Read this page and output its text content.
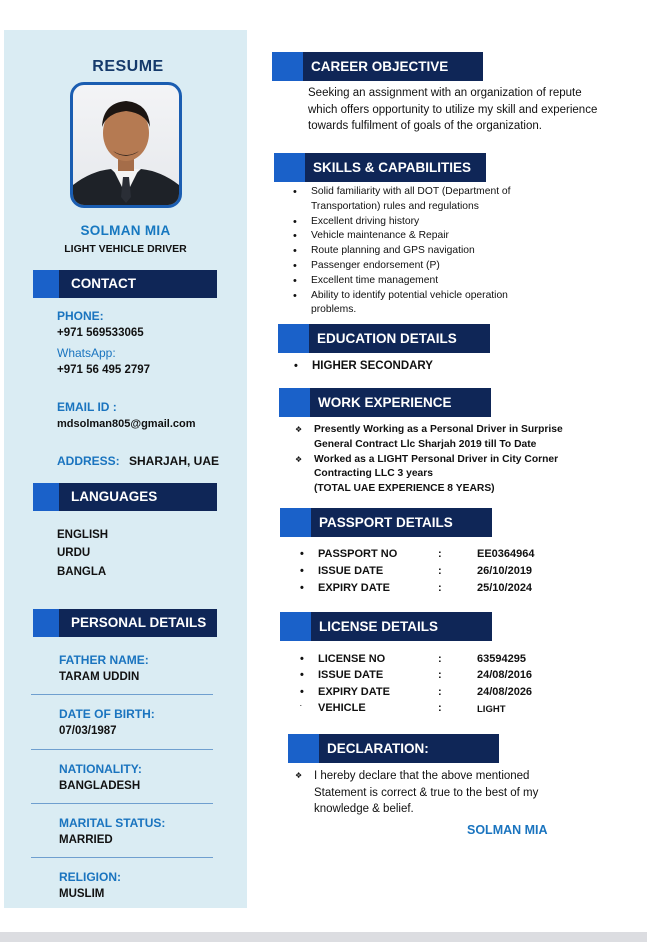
RESUME
SOLMAN MIA
LIGHT VEHICLE DRIVER
CONTACT
PHONE:
+971 569533065
WhatsApp:
+971 56 495 2797
EMAIL ID :
mdsolman805@gmail.com
ADDRESS: SHARJAH, UAE
LANGUAGES
ENGLISH
URDU
BANGLA
PERSONAL DETAILS
FATHER NAME:
TARAM UDDIN
DATE OF BIRTH:
07/03/1987
NATIONALITY:
BANGLADESH
MARITAL STATUS:
MARRIED
RELIGION:
MUSLIM
CAREER OBJECTIVE
Seeking an assignment with an organization of repute which offers opportunity to utilize my skill and experience towards fulfilment of goals of the organization.
SKILLS & CAPABILITIES
• Solid familiarity with all DOT (Department of Transportation) rules and regulations
• Excellent driving history
• Vehicle maintenance & Repair
• Route planning and GPS navigation
• Passenger endorsement (P)
• Excellent time management
• Ability to identify potential vehicle operation problems.
EDUCATION DETAILS
• HIGHER SECONDARY
WORK EXPERIENCE
❖ Presently Working as a Personal Driver in Surprise General Contract Llc Sharjah 2019 till To Date
❖ Worked as a LIGHT Personal Driver in City Corner Contracting LLC 3 years
(TOTAL UAE EXPERIENCE 8 YEARS)
PASSPORT DETAILS
• PASSPORT NO	:	EE0364964
• ISSUE DATE	:	26/10/2019
• EXPIRY DATE	:	25/10/2024
LICENSE DETAILS
• LICENSE NO	:	63594295
• ISSUE DATE	:	24/08/2016
• EXPIRY DATE	:	24/08/2026
. VEHICLE	:	LIGHT
DECLARATION:
❖ I hereby declare that the above mentioned Statement is correct & true to the best of my knowledge & belief.
SOLMAN MIA
